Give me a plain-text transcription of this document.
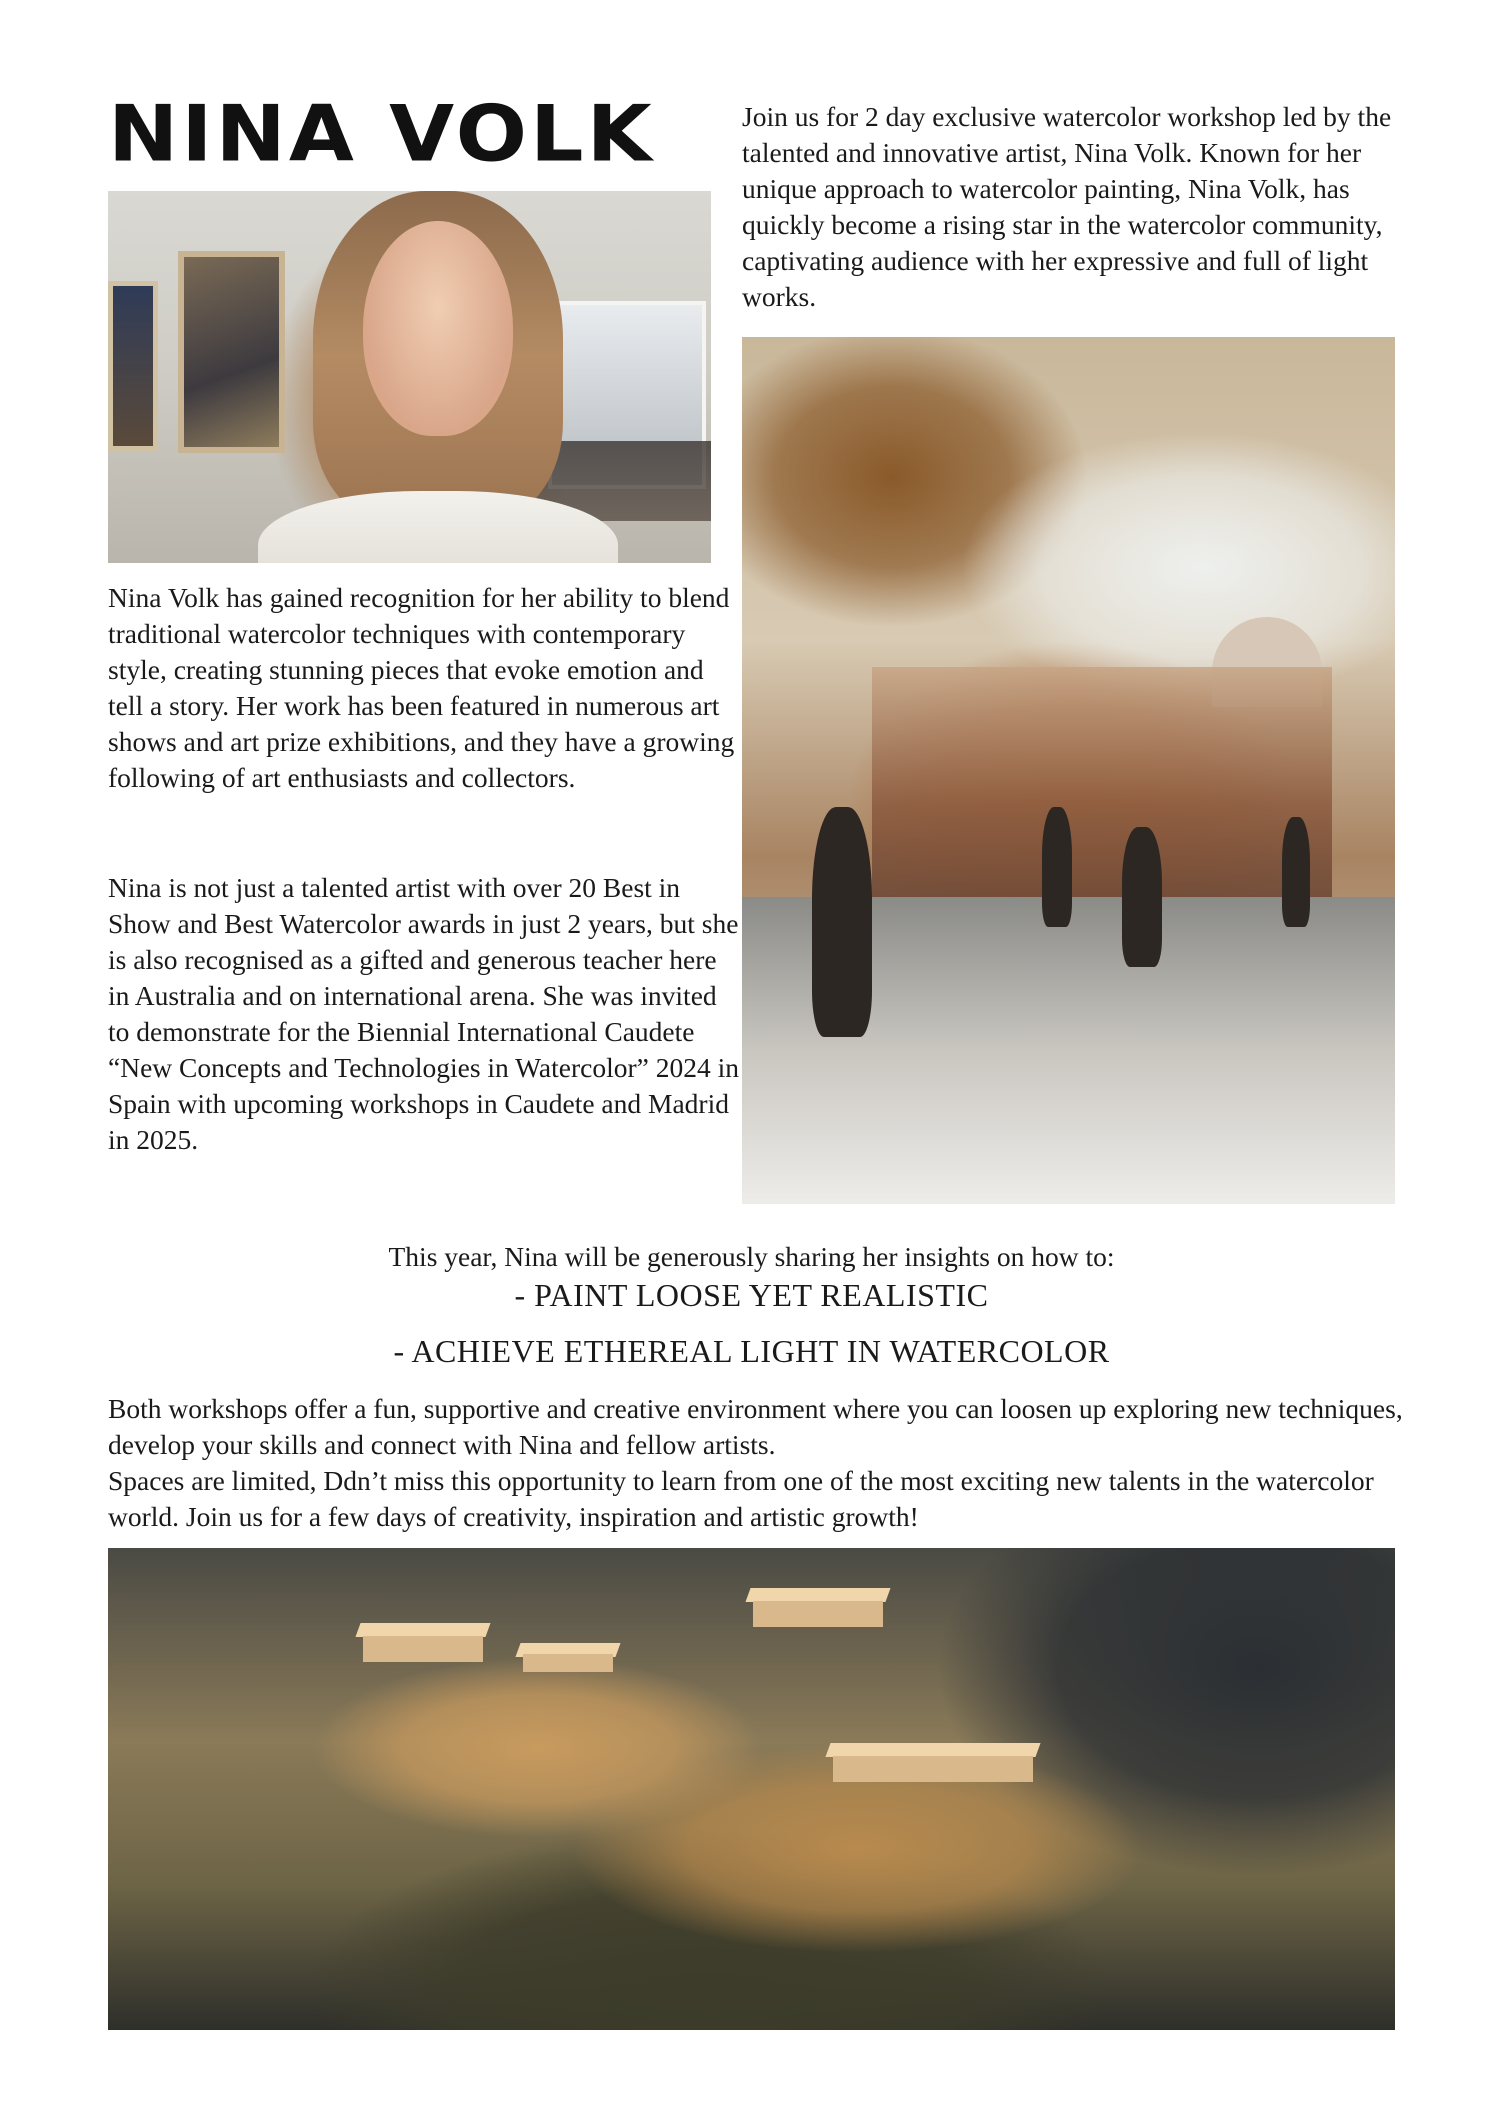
NINA VOLK	Join us for 2 day exclusive watercolor workshop led by the talented and innovative artist, Nina Volk. Known for her unique approach to watercolor painting, Nina Volk, has quickly become a rising star in the watercolor community, captivating audience with her expressive and full of light works.

Nina Volk has gained recognition for her ability to blend traditional watercolor techniques with contemporary style, creating stunning pieces that evoke emotion and tell a story. Her work has been featured in numerous art shows and art prize exhibitions, and they have a growing following of art enthusiasts and collectors.

Nina is not just a talented artist with over 20 Best in Show and Best Watercolor awards in just 2 years, but she is also recognised as a gifted and generous teacher here in Australia and on international arena. She was invited to demonstrate for the Biennial International Caudete “New Concepts and Technologies in Watercolor” 2024 in Spain with upcoming workshops in Caudete and Madrid in 2025.

This year, Nina will be generously sharing her insights on how to:

- PAINT LOOSE YET REALISTIC

- ACHIEVE ETHEREAL LIGHT IN WATERCOLOR

Both workshops offer a fun, supportive and creative environment where you can loosen up exploring new techniques, develop your skills and connect with Nina and fellow artists.

Spaces are limited, Ddn’t miss this opportunity to learn from one of the most exciting new talents in the watercolor world. Join us for a few days of creativity, inspiration and artistic growth!
